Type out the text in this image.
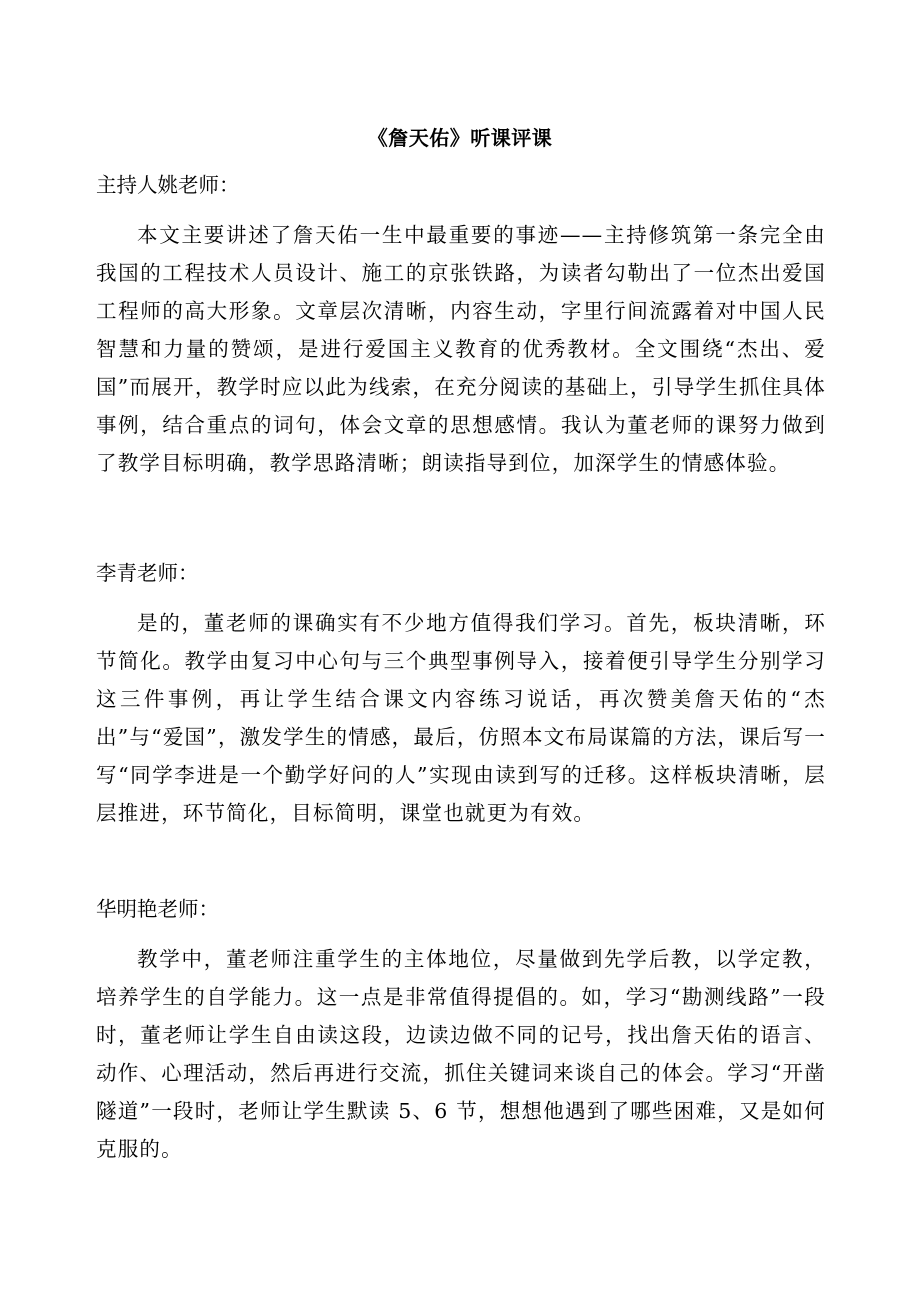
《詹天佑》听课评课
主持人姚老师：

本文主要讲述了詹天佑一生中最重要的事迹——主持修筑第一条完全由我国的工程技术人员设计、施工的京张铁路，为读者勾勒出了一位杰出爱国工程师的高大形象。文章层次清晰，内容生动，字里行间流露着对中国人民智慧和力量的赞颂，是进行爱国主义教育的优秀教材。全文围绕“杰出、爱国”而展开，教学时应以此为线索，在充分阅读的基础上，引导学生抓住具体事例，结合重点的词句，体会文章的思想感情。我认为董老师的课努力做到了教学目标明确，教学思路清晰；朗读指导到位，加深学生的情感体验。

李青老师：

是的，董老师的课确实有不少地方值得我们学习。首先，板块清晰，环节简化。教学由复习中心句与三个典型事例导入，接着便引导学生分别学习这三件事例，再让学生结合课文内容练习说话，再次赞美詹天佑的“杰出”与“爱国”，激发学生的情感，最后，仿照本文布局谋篇的方法，课后写一写“同学李进是一个勤学好问的人”实现由读到写的迁移。这样板块清晰，层层推进，环节简化，目标简明，课堂也就更为有效。

华明艳老师：

教学中，董老师注重学生的主体地位，尽量做到先学后教，以学定教，培养学生的自学能力。这一点是非常值得提倡的。如，学习“勘测线路”一段时，董老师让学生自由读这段，边读边做不同的记号，找出詹天佑的语言、动作、心理活动，然后再进行交流，抓住关键词来谈自己的体会。学习“开凿隧道”一段时，老师让学生默读 5、6 节，想想他遇到了哪些困难，又是如何克服的。
